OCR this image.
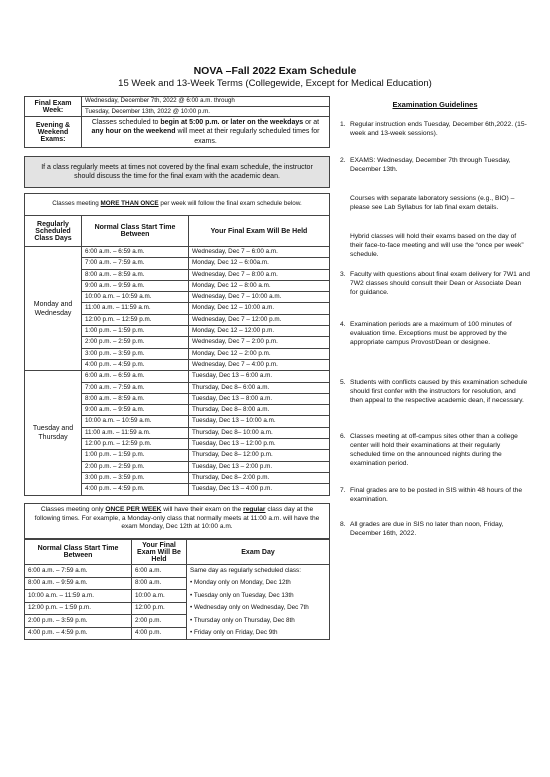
NOVA –Fall 2022 Exam Schedule
15 Week and 13-Week Terms (Collegewide, Except for Medical Education)
Final Exam Week:	Wednesday, December 7th, 2022 @ 6:00 a.m. through
Tuesday, December 13th, 2022 @ 10:00 p.m.

Evening & Weekend Exams:	Classes scheduled to begin at 5:00 p.m. or later on the weekdays or at any hour on the weekend will meet at their regularly scheduled times for exams.
If a class regularly meets at times not covered by the final exam schedule, the instructor should discuss the time for the final exam with the academic dean.
Classes meeting MORE THAN ONCE per week will follow the final exam schedule below.		
Regularly Scheduled Class Days	Normal Class Start Time Between	Your Final Exam Will Be Held
Monday and Wednesday	6:00 a.m. – 6:59 a.m.	Wednesday, Dec 7 – 6:00 a.m.
	7:00 a.m. – 7:59 a.m.	Monday, Dec 12 – 6:00a.m.
	8:00 a.m. – 8:59 a.m.	Wednesday, Dec 7 – 8:00 a.m.
	9:00 a.m. – 9:59 a.m.	Monday, Dec 12 – 8:00 a.m.
	10:00 a.m. – 10:59 a.m.	Wednesday, Dec 7 – 10:00 a.m.
	11:00 a.m. – 11:59 a.m.	Monday, Dec 12 – 10:00 a.m.
	12:00 p.m. – 12:59 p.m.	Wednesday, Dec 7 – 12:00 p.m.
	1:00 p.m. – 1:59 p.m.	Monday, Dec 12 – 12:00 p.m.
	2:00 p.m. – 2:59 p.m.	Wednesday, Dec 7 – 2:00 p.m.
	3:00 p.m. – 3:59 p.m.	Monday, Dec 12 – 2:00 p.m.
	4:00 p.m. – 4:59 p.m.	Wednesday, Dec 7 – 4:00 p.m.
Tuesday and Thursday	6:00 a.m. – 6:59 a.m.	Tuesday, Dec 13 – 6:00 a.m.
	7:00 a.m. – 7:59 a.m.	Thursday, Dec 8– 6:00 a.m.
	8:00 a.m. – 8:59 a.m.	Tuesday, Dec 13 – 8:00 a.m.
	9:00 a.m. – 9:59 a.m.	Thursday, Dec 8– 8:00 a.m.
	10:00 a.m. – 10:59 a.m.	Tuesday, Dec 13 – 10:00 a.m.
	11:00 a.m. – 11:59 a.m.	Thursday, Dec 8– 10:00 a.m.
	12:00 p.m. – 12:59 p.m.	Tuesday, Dec 13 – 12:00 p.m.
	1:00 p.m. – 1:59 p.m.	Thursday, Dec 8– 12:00 p.m.
	2:00 p.m. – 2:59 p.m.	Tuesday, Dec 13 – 2:00 p.m.
	3:00 p.m. – 3:59 p.m.	Thursday, Dec 8– 2:00 p.m.
	4:00 p.m. – 4:59 p.m.	Tuesday, Dec 13 – 4:00 p.m.
Classes meeting only ONCE PER WEEK will have their exam on the regular class day at the following times. For example, a Monday-only class that normally meets at 11:00 a.m. will have the exam Monday, Dec 12th at 10:00 a.m.
Normal Class Start Time Between	Your Final Exam Will Be Held	Exam Day
6:00 a.m. – 7:59 a.m.	6:00 a.m.	Same day as regularly scheduled class:
8:00 a.m. – 9:59 a.m.	8:00 a.m.	• Monday only on Monday, Dec 12th
10:00 a.m. – 11:59 a.m.	10:00 a.m.	• Tuesday only on Tuesday, Dec 13th
12:00 p.m. – 1:59 p.m.	12:00 p.m.	• Wednesday only on Wednesday, Dec 7th
2:00 p.m. – 3:59 p.m.	2:00 p.m.	• Thursday only on Thursday, Dec 8th
4:00 p.m. – 4:59 p.m.	4:00 p.m.	• Friday only on Friday, Dec 9th
Examination Guidelines
1. Regular instruction ends Tuesday, December 6th,2022. (15-week and 13-week sessions).
2. EXAMS: Wednesday, December 7th through Tuesday, December 13th.
Courses with separate laboratory sessions (e.g., BIO) – please see Lab Syllabus for lab final exam details.
Hybrid classes will hold their exams based on the day of their face-to-face meeting and will use the “once per week” schedule.
3. Faculty with questions about final exam delivery for 7W1 and 7W2 classes should consult their Dean or Associate Dean for guidance.
4. Examination periods are a maximum of 100 minutes of evaluation time. Exceptions must be approved by the appropriate campus Provost/Dean or designee.
5. Students with conflicts caused by this examination schedule should first confer with the instructors for resolution, and then appeal to the respective academic dean, if necessary.
6. Classes meeting at off-campus sites other than a college center will hold their examinations at their regularly scheduled time on the announced nights during the examination period.
7. Final grades are to be posted in SIS within 48 hours of the examination.
8. All grades are due in SIS no later than noon, Friday, December 16th, 2022.
